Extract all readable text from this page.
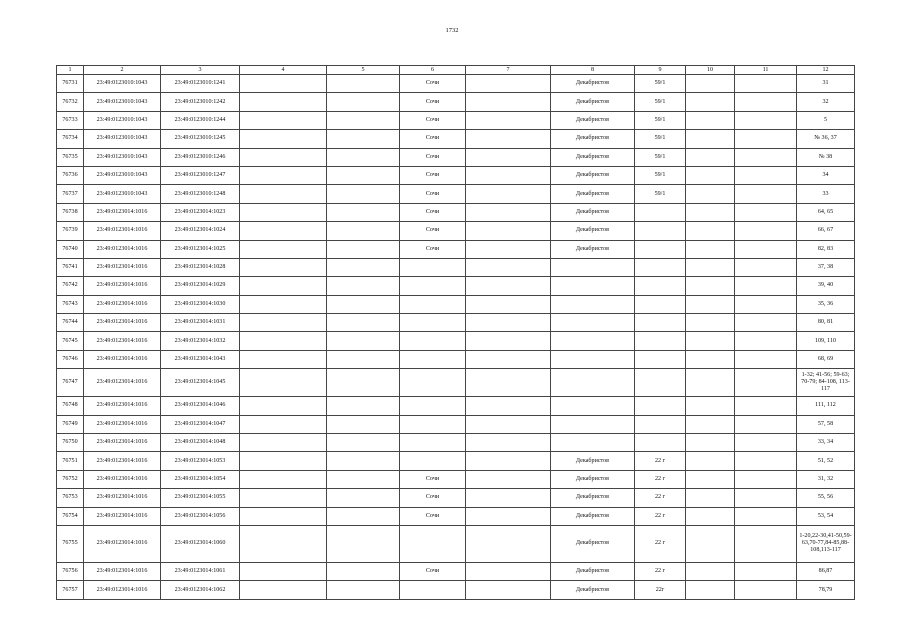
1732
1	2	3	4	5	6	7	8	9	10	11	12
76731	23:49:0123010:1043	23:49:0123010:1241			Сочи		Декабристов	59/1			31
76732	23:49:0123010:1043	23:49:0123010:1242			Сочи		Декабристов	59/1			32
76733	23:49:0123010:1043	23:49:0123010:1244			Сочи		Декабристов	59/1			5
76734	23:49:0123010:1043	23:49:0123010:1245			Сочи		Декабристов	59/1			№ 36, 37
76735	23:49:0123010:1043	23:49:0123010:1246			Сочи		Декабристов	59/1			№ 38
76736	23:49:0123010:1043	23:49:0123010:1247			Сочи		Декабристов	59/1			34
76737	23:49:0123010:1043	23:49:0123010:1248			Сочи		Декабристов	59/1			33
76738	23:49:0123014:1016	23:49:0123014:1023			Сочи		Декабристов				64, 65
76739	23:49:0123014:1016	23:49:0123014:1024			Сочи		Декабристов				66, 67
76740	23:49:0123014:1016	23:49:0123014:1025			Сочи		Декабристов				82, 83
76741	23:49:0123014:1016	23:49:0123014:1028									37, 38
76742	23:49:0123014:1016	23:49:0123014:1029									39, 40
76743	23:49:0123014:1016	23:49:0123014:1030									35, 36
76744	23:49:0123014:1016	23:49:0123014:1031									80, 81
76745	23:49:0123014:1016	23:49:0123014:1032									109, 110
76746	23:49:0123014:1016	23:49:0123014:1043									68, 69
76747	23:49:0123014:1016	23:49:0123014:1045									1-32; 41-56; 59-63; 70-79; 84-108, 113-117
76748	23:49:0123014:1016	23:49:0123014:1046									111, 112
76749	23:49:0123014:1016	23:49:0123014:1047									57, 58
76750	23:49:0123014:1016	23:49:0123014:1048									33, 34
76751	23:49:0123014:1016	23:49:0123014:1053					Декабристов	22 г			51, 52
76752	23:49:0123014:1016	23:49:0123014:1054			Сочи		Декабристов	22 г			31, 32
76753	23:49:0123014:1016	23:49:0123014:1055			Сочи		Декабристов	22 г			55, 56
76754	23:49:0123014:1016	23:49:0123014:1056			Сочи		Декабристов	22 г			53, 54
76755	23:49:0123014:1016	23:49:0123014:1060					Декабристов	22 г			1-20,22-30,41-50,59-63,70-77,84-85,88-108,113-117
76756	23:49:0123014:1016	23:49:0123014:1061			Сочи		Декабристов	22 г			86,87
76757	23:49:0123014:1016	23:49:0123014:1062					Декабристов	22г			78,79
